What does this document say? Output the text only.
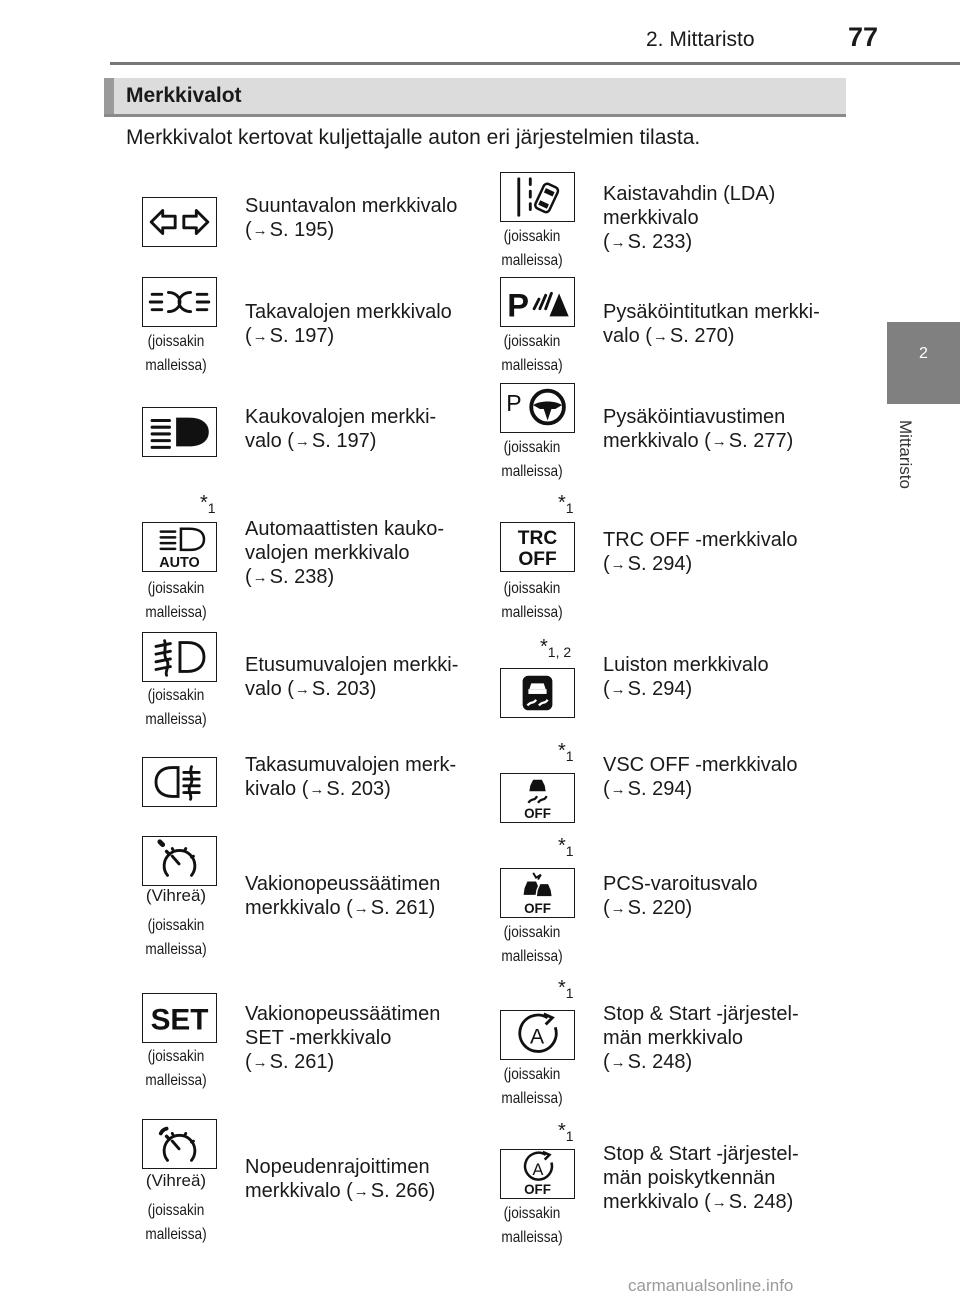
2. Mittaristo	77
2
Mittaristo
Merkkivalot
Merkkivalot kertovat kuljettajalle auton eri järjestelmien tilasta.
Suuntavalon merkkivalo
(→ S. 195)
(joissakin
malleissa)
Takavalojen merkkivalo
(→ S. 197)
Kaukovalojen merkki-
valo (→ S. 197)
$*_1$
AUTO
(joissakin
malleissa)
Automaattisten kauko-
valojen merkkivalo
(→ S. 238)
(joissakin
malleissa)
Etusumuvalojen merkki-
valo (→ S. 203)
Takasumuvalojen merk-
kivalo (→ S. 203)
(Vihreä)
(joissakin
malleissa)
Vakionopeussäätimen
merkkivalo (→ S. 261)
SET
(joissakin
malleissa)
Vakionopeussäätimen
SET -merkkivalo
(→ S. 261)
(Vihreä)
(joissakin
malleissa)
Nopeudenrajoittimen
merkkivalo (→ S. 266)
(joissakin
malleissa)
Kaistavahdin (LDA)
merkkivalo
(→ S. 233)
P
(joissakin
malleissa)
Pysäköintitutkan merkki-
valo (→ S. 270)
P
(joissakin
malleissa)
Pysäköintiavustimen
merkkivalo (→ S. 277)
$*_1$
TRC
OFF
(joissakin
malleissa)
TRC OFF -merkkivalo
(→ S. 294)
$*_{1, 2}$
Luiston merkkivalo
(→ S. 294)
$*_1$
OFF
VSC OFF -merkkivalo
(→ S. 294)
$*_1$
OFF
(joissakin
malleissa)
PCS-varoitusvalo
(→ S. 220)
$*_1$
A
(joissakin
malleissa)
Stop & Start -järjestel-
män merkkivalo
(→ S. 248)
$*_1$
A
OFF
(joissakin
malleissa)
Stop & Start -järjestel-
män poiskytkennän
merkkivalo (→ S. 248)
carmanualsonline.info
